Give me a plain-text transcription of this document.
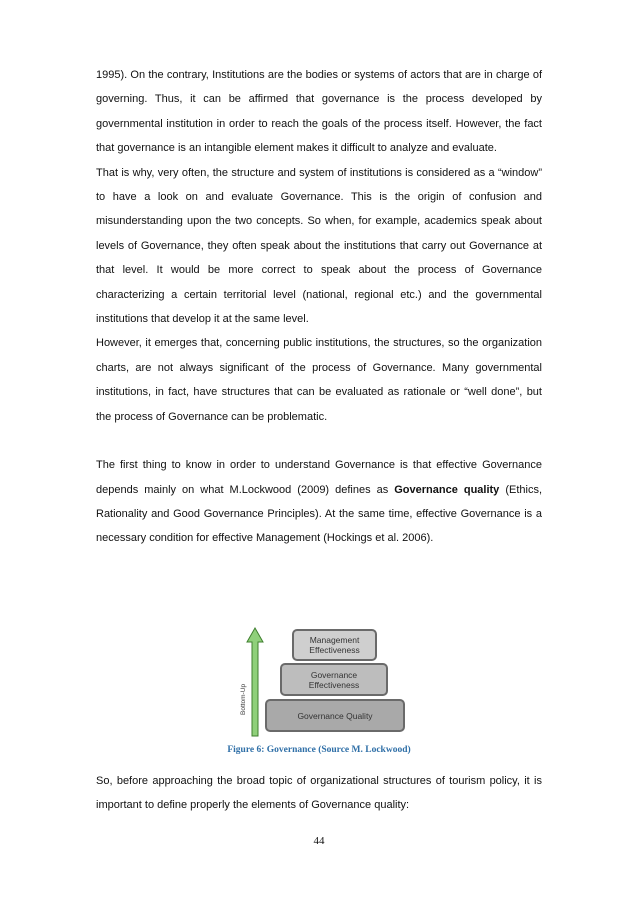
1995). On the contrary, Institutions are the bodies or systems of actors that are in charge of governing. Thus, it can be affirmed that governance is the process developed by governmental institution in order to reach the goals of the process itself. However, the fact that governance is an intangible element makes it difficult to analyze and evaluate.

That is why, very often, the structure and system of institutions is considered as a “window” to have a look on and evaluate Governance. This is the origin of confusion and misunderstanding upon the two concepts. So when, for example, academics speak about levels of Governance, they often speak about the institutions that carry out Governance at that level. It would be more correct to speak about the process of Governance characterizing a certain territorial level (national, regional etc.) and the governmental institutions that develop it at the same level.

However, it emerges that, concerning public institutions, the structures, so the organization charts, are not always significant of the process of Governance. Many governmental institutions, in fact, have structures that can be evaluated as rationale or “well done”, but the process of Governance can be problematic.

The first thing to know in order to understand Governance is that effective Governance depends mainly on what M.Lockwood (2009) defines as Governance quality (Ethics, Rationality and Good Governance Principles). At the same time, effective Governance is a necessary condition for effective Management (Hockings et al. 2006).

Bottom-Up
Management
Effectiveness
Governance
Effectiveness
Governance Quality
Figure 6: Governance (Source M. Lockwood)

So, before approaching the broad topic of organizational structures of tourism policy, it is important to define properly the elements of Governance quality:

44
